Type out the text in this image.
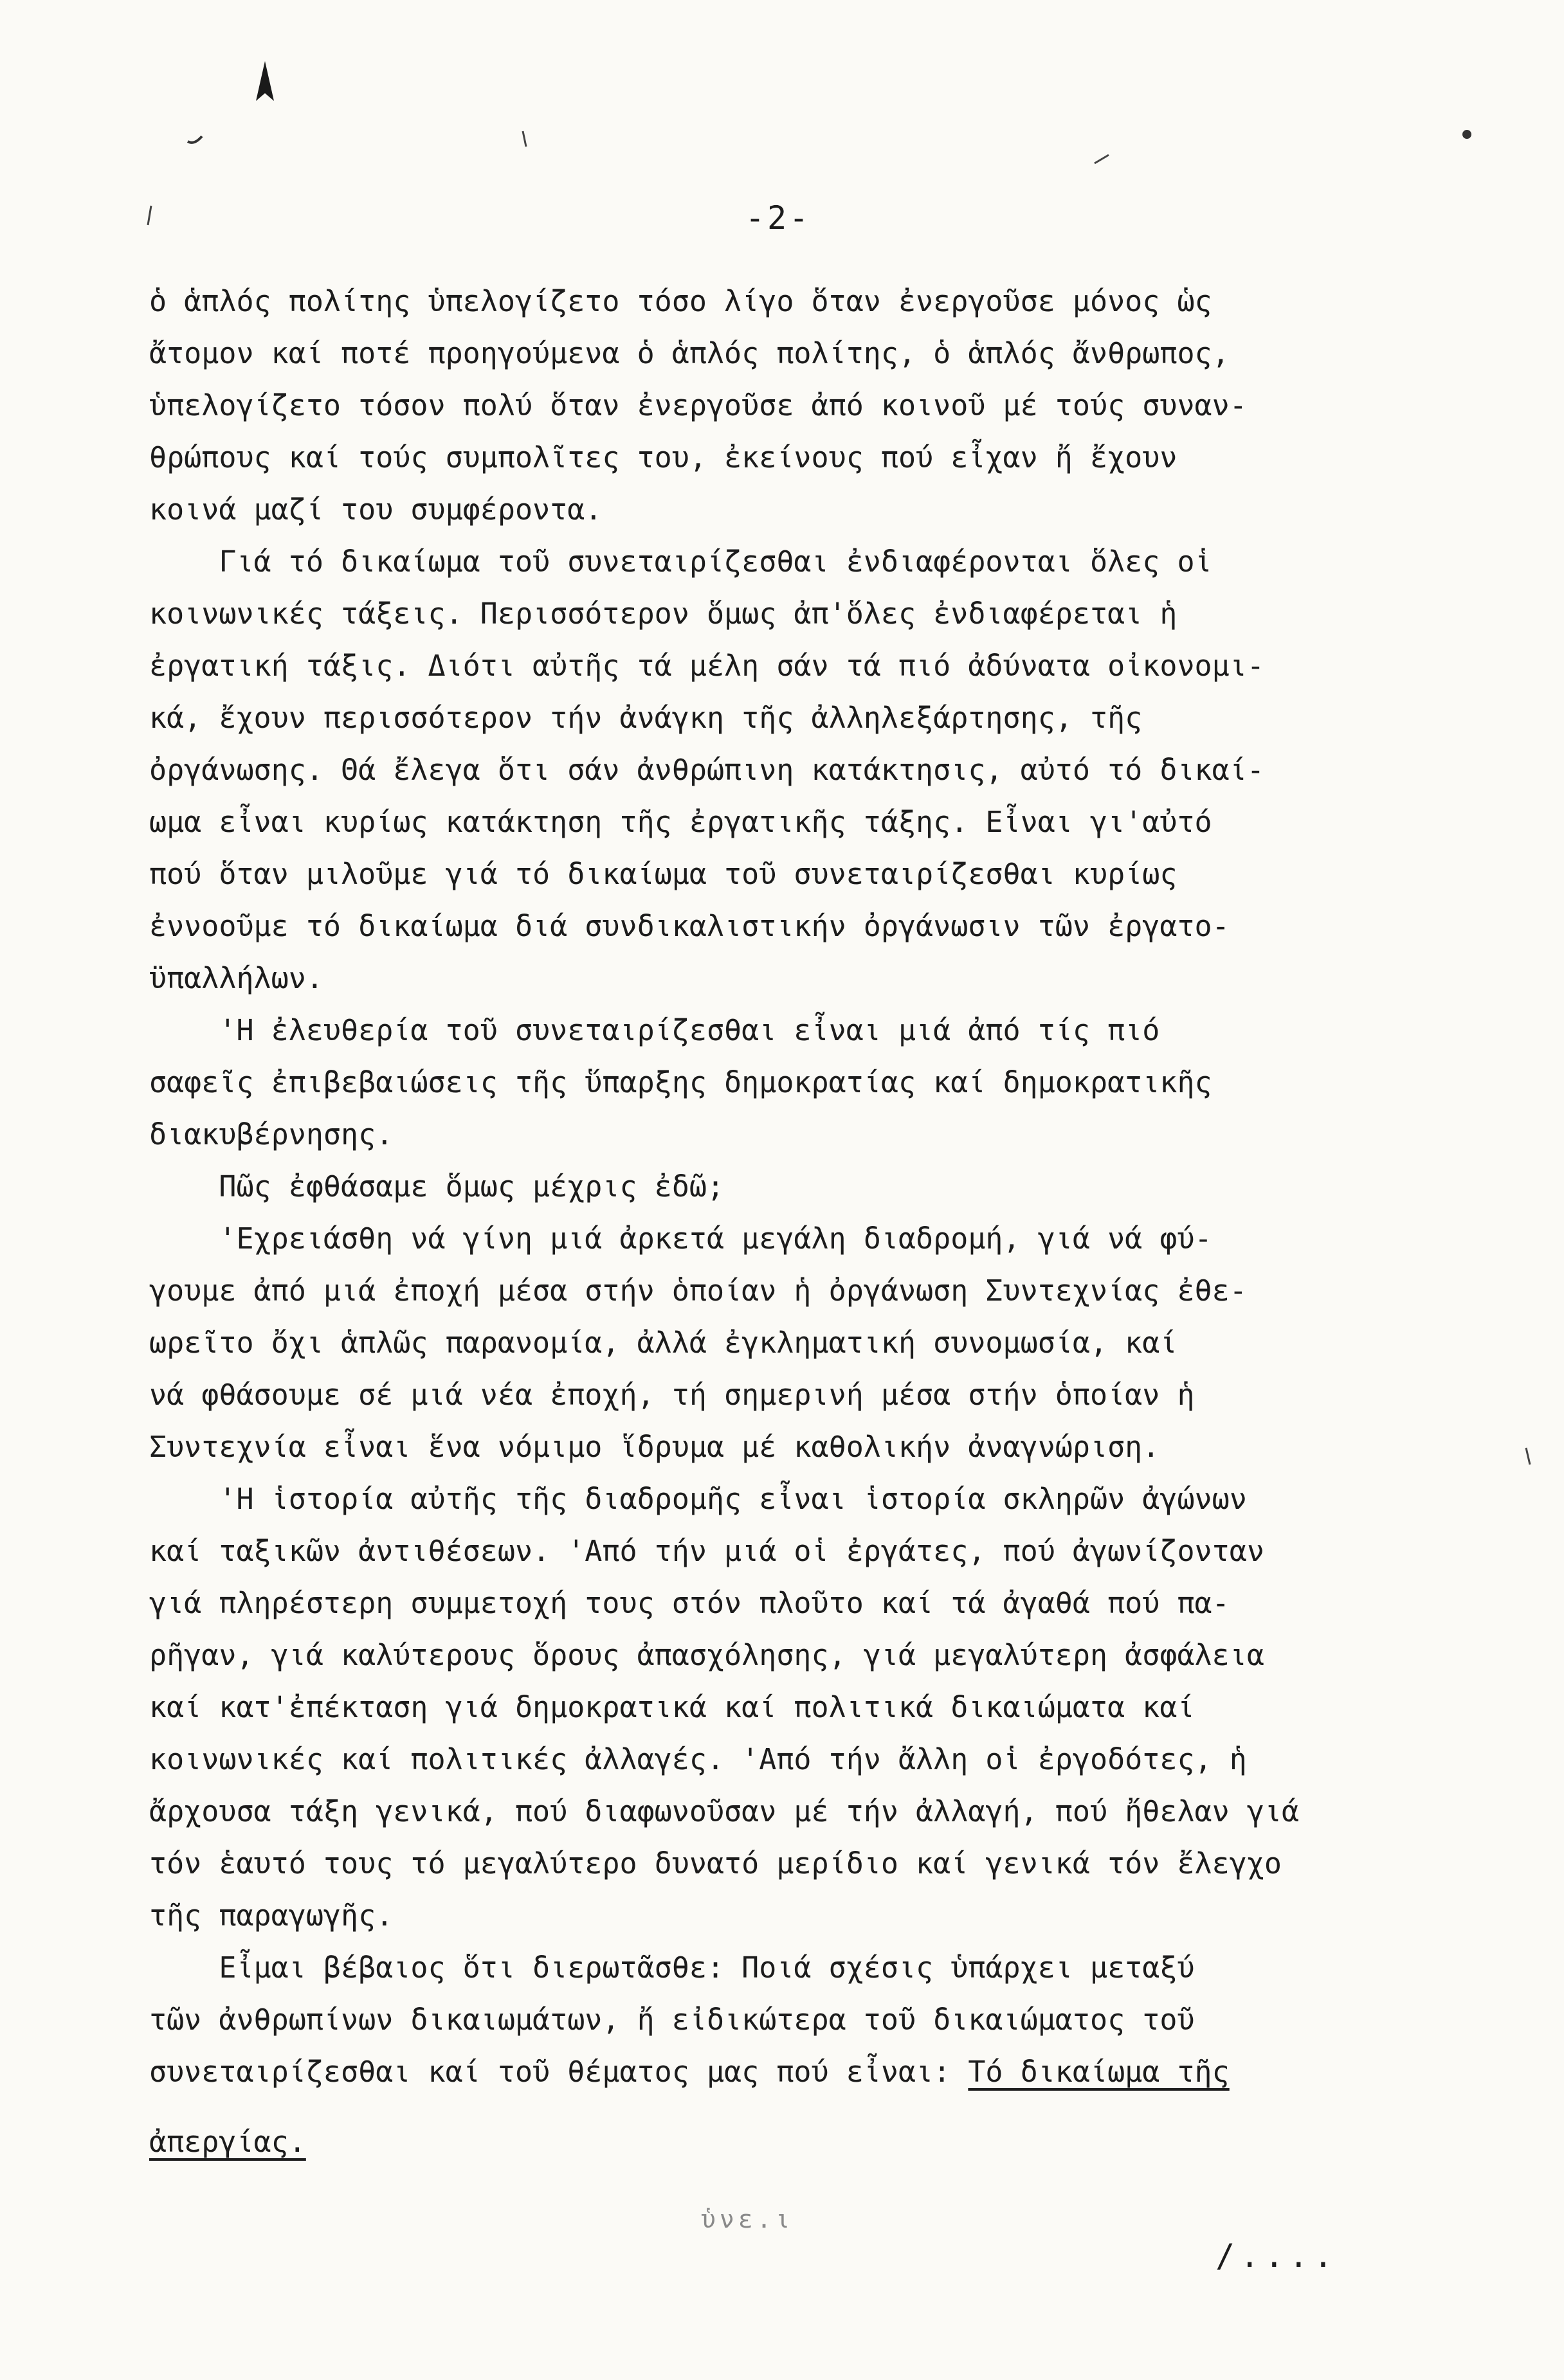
-2-
ὁ ἁπλός πολίτης ὑπελογίζετο τόσο λίγο ὅταν ἐνεργοῦσε μόνος ὡς
ἄτομον καί ποτέ προηγούμενα ὁ ἁπλός πολίτης, ὁ ἁπλός ἄνθρωπος,
ὑπελογίζετο τόσον πολύ ὅταν ἐνεργοῦσε ἀπό κοινοῦ μέ τούς συναν-
θρώπους καί τούς συμπολῖτες του, ἐκείνους πού εἶχαν ἤ ἔχουν
κοινά μαζί του συμφέροντα.
Γιά τό δικαίωμα τοῦ συνεταιρίζεσθαι ἐνδιαφέρονται ὅλες οἱ
κοινωνικές τάξεις. Περισσότερον ὅμως ἀπ'ὅλες ἐνδιαφέρεται ἡ
ἐργατική τάξις. Διότι αὐτῆς τά μέλη σάν τά πιό ἀδύνατα οἰκονομι-
κά, ἔχουν περισσότερον τήν ἀνάγκη τῆς ἀλληλεξάρτησης, τῆς
ὀργάνωσης. Θά ἔλεγα ὅτι σάν ἀνθρώπινη κατάκτησις, αὐτό τό δικαί-
ωμα εἶναι κυρίως κατάκτηση τῆς ἐργατικῆς τάξης. Εἶναι γι'αὐτό
πού ὅταν μιλοῦμε γιά τό δικαίωμα τοῦ συνεταιρίζεσθαι κυρίως
ἐννοοῦμε τό δικαίωμα διά συνδικαλιστικήν ὀργάνωσιν τῶν ἐργατο-
ϋπαλλήλων.
'Η ἐλευθερία τοῦ συνεταιρίζεσθαι εἶναι μιά ἀπό τίς πιό
σαφεῖς ἐπιβεβαιώσεις τῆς ὕπαρξης δημοκρατίας καί δημοκρατικῆς
διακυβέρνησης.
Πῶς ἐφθάσαμε ὅμως μέχρις ἐδῶ;
'Εχρειάσθη νά γίνη μιά ἀρκετά μεγάλη διαδρομή, γιά νά φύ-
γουμε ἀπό μιά ἐποχή μέσα στήν ὁποίαν ἡ ὀργάνωση Συντεχνίας ἐθε-
ωρεῖτο ὄχι ἁπλῶς παρανομία, ἀλλά ἐγκληματική συνομωσία, καί
νά φθάσουμε σέ μιά νέα ἐποχή, τή σημερινή μέσα στήν ὁποίαν ἡ
Συντεχνία εἶναι ἕνα νόμιμο ἵδρυμα μέ καθολικήν ἀναγνώριση.
'Η ἱστορία αὐτῆς τῆς διαδρομῆς εἶναι ἱστορία σκληρῶν ἀγώνων
καί ταξικῶν ἀντιθέσεων. 'Από τήν μιά οἱ ἐργάτες, πού ἀγωνίζονταν
γιά πληρέστερη συμμετοχή τους στόν πλοῦτο καί τά ἀγαθά πού πα-
ρῆγαν, γιά καλύτερους ὅρους ἀπασχόλησης, γιά μεγαλύτερη ἀσφάλεια
καί κατ'ἐπέκταση γιά δημοκρατικά καί πολιτικά δικαιώματα καί
κοινωνικές καί πολιτικές ἀλλαγές. 'Από τήν ἄλλη οἱ ἐργοδότες, ἡ
ἄρχουσα τάξη γενικά, πού διαφωνοῦσαν μέ τήν ἀλλαγή, πού ἤθελαν γιά
τόν ἑαυτό τους τό μεγαλύτερο δυνατό μερίδιο καί γενικά τόν ἔλεγχο
τῆς παραγωγῆς.
Εἶμαι βέβαιος ὅτι διερωτᾶσθε: Ποιά σχέσις ὑπάρχει μεταξύ
τῶν ἀνθρωπίνων δικαιωμάτων, ἤ εἰδικώτερα τοῦ δικαιώματος τοῦ
συνεταιρίζεσθαι καί τοῦ θέματος μας πού εἶναι: Τό δικαίωμα τῆς
ἀπεργίας.
ὑνε.ι
/....
